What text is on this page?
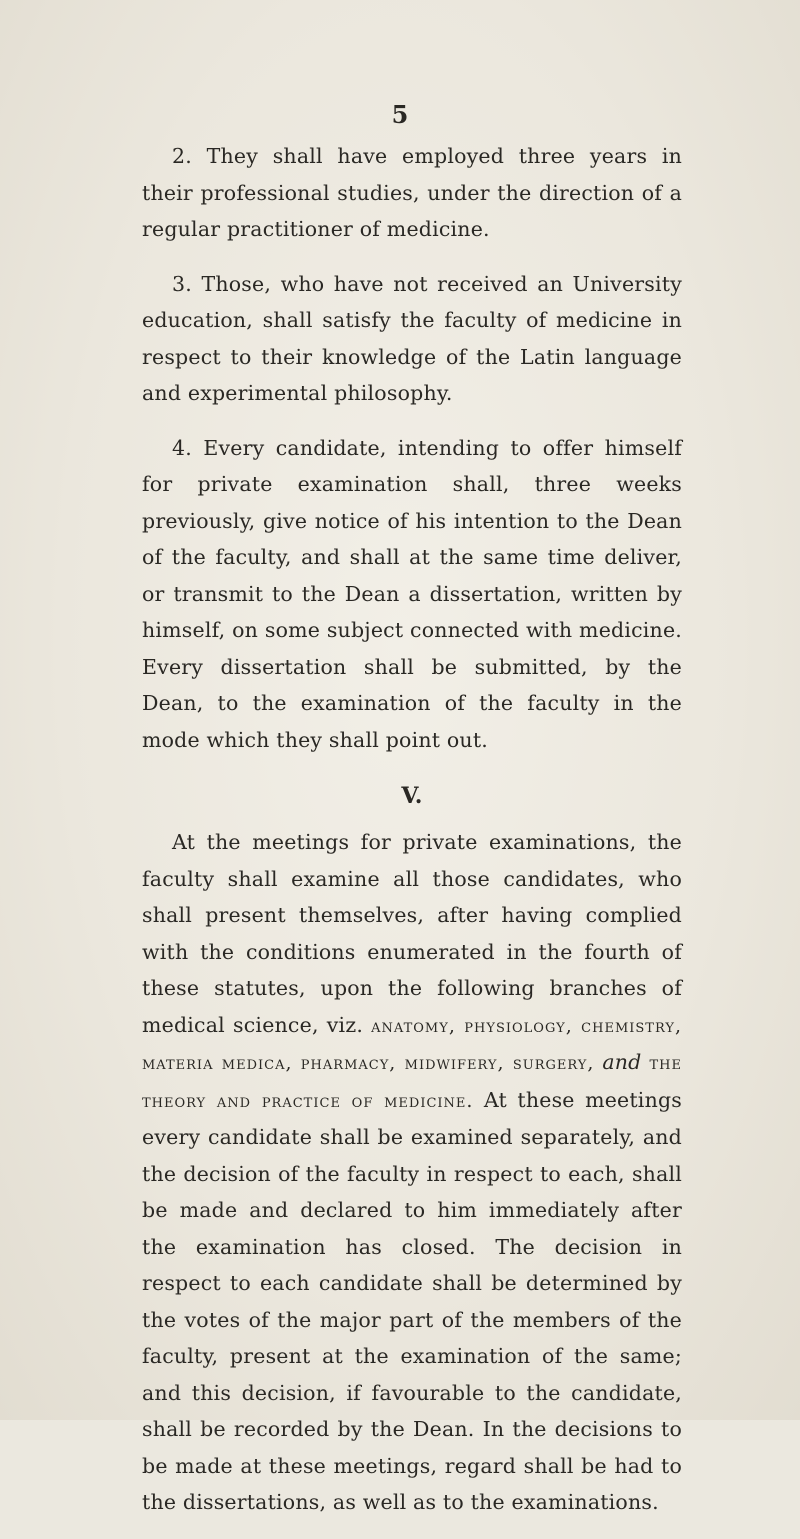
5

2. They shall have employed three years in their professional studies, under the direction of a regular practitioner of medicine.

3. Those, who have not received an University education, shall satisfy the faculty of medicine in respect to their knowledge of the Latin language and experimental philosophy.

4. Every candidate, intending to offer himself for private examination shall, three weeks previously, give notice of his intention to the Dean of the faculty, and shall at the same time deliver, or transmit to the Dean a dissertation, written by himself, on some subject connected with medicine. Every dissertation shall be submitted, by the Dean, to the examination of the faculty in the mode which they shall point out.

V.

At the meetings for private examinations, the faculty shall examine all those candidates, who shall present themselves, after having complied with the conditions enumerated in the fourth of these statutes, upon the following branches of medical science, viz. anatomy, physiology, chemistry, materia medica, pharmacy, midwifery, surgery, and the theory and practice of medicine. At these meetings every candidate shall be examined separately, and the decision of the faculty in respect to each, shall be made and declared to him immediately after the examination has closed. The decision in respect to each candidate shall be determined by the votes of the major part of the members of the faculty, present at the examination of the same; and this decision, if favourable to the candidate, shall be recorded by the Dean. In the decisions to be made at these meetings, regard shall be had to the dissertations, as well as to the examinations.
